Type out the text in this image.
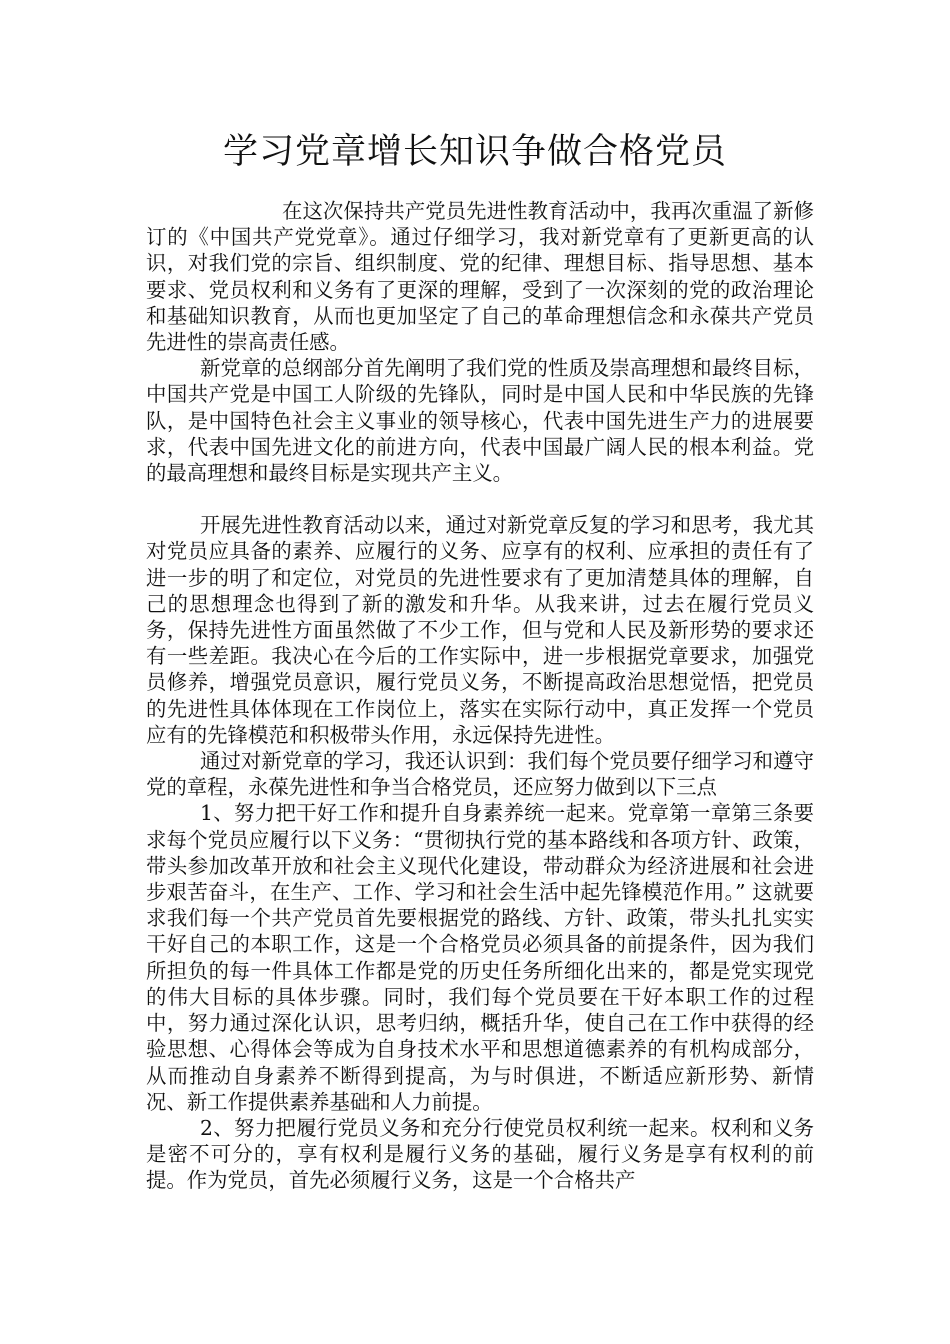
学习党章增长知识争做合格党员

在这次保持共产党员先进性教育活动中，我再次重温了新修订的《中国共产党党章》。通过仔细学习，我对新党章有了更新更高的认识，对我们党的宗旨、组织制度、党的纪律、理想目标、指导思想、基本要求、党员权利和义务有了更深的理解，受到了一次深刻的党的政治理论和基础知识教育，从而也更加坚定了自己的革命理想信念和永葆共产党员先进性的崇高责任感。

新党章的总纲部分首先阐明了我们党的性质及崇高理想和最终目标，中国共产党是中国工人阶级的先锋队，同时是中国人民和中华民族的先锋队，是中国特色社会主义事业的领导核心，代表中国先进生产力的进展要求，代表中国先进文化的前进方向，代表中国最广阔人民的根本利益。党的最高理想和最终目标是实现共产主义。

开展先进性教育活动以来，通过对新党章反复的学习和思考，我尤其对党员应具备的素养、应履行的义务、应享有的权利、应承担的责任有了进一步的明了和定位，对党员的先进性要求有了更加清楚具体的理解，自己的思想理念也得到了新的激发和升华。从我来讲，过去在履行党员义务，保持先进性方面虽然做了不少工作，但与党和人民及新形势的要求还有一些差距。我决心在今后的工作实际中，进一步根据党章要求，加强党员修养，增强党员意识，履行党员义务，不断提高政治思想觉悟，把党员的先进性具体体现在工作岗位上，落实在实际行动中，真正发挥一个党员应有的先锋模范和积极带头作用，永远保持先进性。

通过对新党章的学习，我还认识到：我们每个党员要仔细学习和遵守党的章程，永葆先进性和争当合格党员，还应努力做到以下三点

1、努力把干好工作和提升自身素养统一起来。党章第一章第三条要求每个党员应履行以下义务：“贯彻执行党的基本路线和各项方针、政策，带头参加改革开放和社会主义现代化建设，带动群众为经济进展和社会进步艰苦奋斗，在生产、工作、学习和社会生活中起先锋模范作用。” 这就要求我们每一个共产党员首先要根据党的路线、方针、政策，带头扎扎实实干好自己的本职工作，这是一个合格党员必须具备的前提条件，因为我们所担负的每一件具体工作都是党的历史任务所细化出来的，都是党实现党的伟大目标的具体步骤。同时，我们每个党员要在干好本职工作的过程中，努力通过深化认识，思考归纳，概括升华，使自己在工作中获得的经验思想、心得体会等成为自身技术水平和思想道德素养的有机构成部分，从而推动自身素养不断得到提高，为与时俱进，不断适应新形势、新情况、新工作提供素养基础和人力前提。

2、努力把履行党员义务和充分行使党员权利统一起来。权利和义务是密不可分的，享有权利是履行义务的基础，履行义务是享有权利的前提。作为党员，首先必须履行义务，这是一个合格共产
